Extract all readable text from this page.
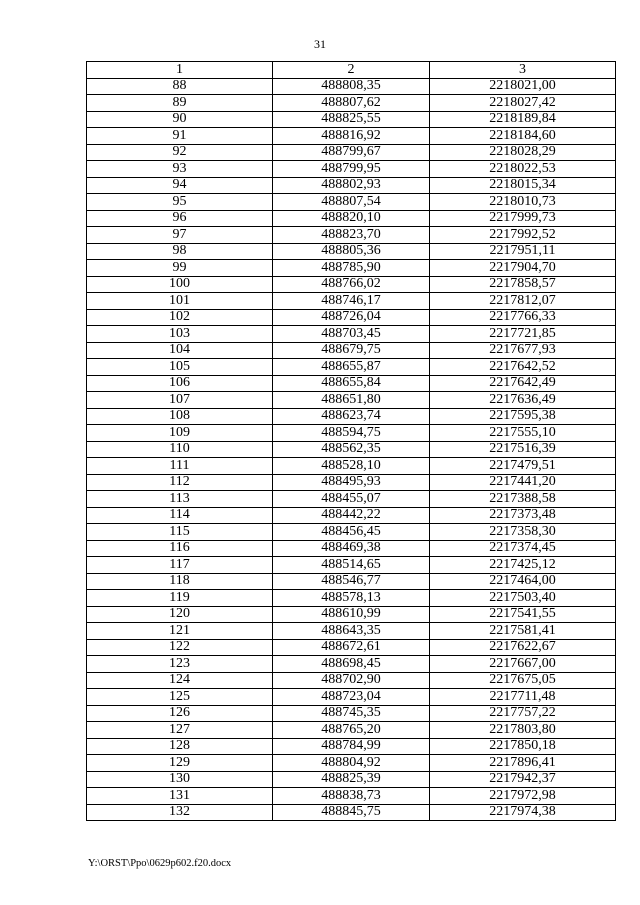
31
1	2	3
88	488808,35	2218021,00
89	488807,62	2218027,42
90	488825,55	2218189,84
91	488816,92	2218184,60
92	488799,67	2218028,29
93	488799,95	2218022,53
94	488802,93	2218015,34
95	488807,54	2218010,73
96	488820,10	2217999,73
97	488823,70	2217992,52
98	488805,36	2217951,11
99	488785,90	2217904,70
100	488766,02	2217858,57
101	488746,17	2217812,07
102	488726,04	2217766,33
103	488703,45	2217721,85
104	488679,75	2217677,93
105	488655,87	2217642,52
106	488655,84	2217642,49
107	488651,80	2217636,49
108	488623,74	2217595,38
109	488594,75	2217555,10
110	488562,35	2217516,39
111	488528,10	2217479,51
112	488495,93	2217441,20
113	488455,07	2217388,58
114	488442,22	2217373,48
115	488456,45	2217358,30
116	488469,38	2217374,45
117	488514,65	2217425,12
118	488546,77	2217464,00
119	488578,13	2217503,40
120	488610,99	2217541,55
121	488643,35	2217581,41
122	488672,61	2217622,67
123	488698,45	2217667,00
124	488702,90	2217675,05
125	488723,04	2217711,48
126	488745,35	2217757,22
127	488765,20	2217803,80
128	488784,99	2217850,18
129	488804,92	2217896,41
130	488825,39	2217942,37
131	488838,73	2217972,98
132	488845,75	2217974,38
Y:\ORST\Ppo\0629p602.f20.docx
